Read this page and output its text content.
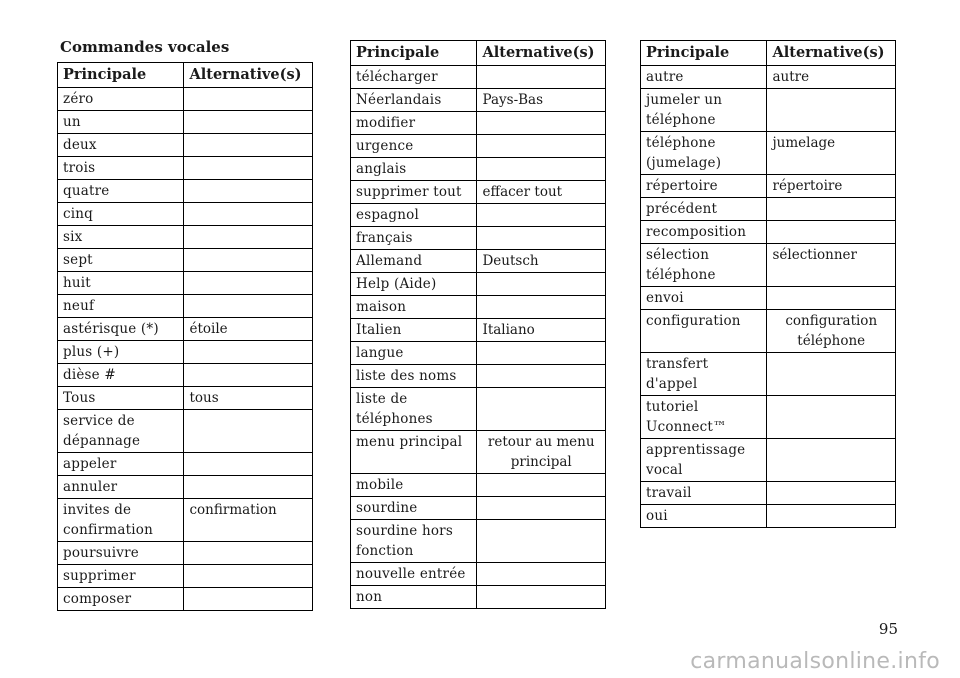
Commandes vocales
Principale	Alternative(s)
zéro	
un	
deux	
trois	
quatre	
cinq	
six	
sept	
huit	
neuf	
astérisque (*)	étoile
plus (+)	
dièse #	
Tous	tous
service de dépannage	
appeler	
annuler	
invites de confirmation	confirmation
poursuivre	
supprimer	
composer	
Principale	Alternative(s)
télécharger	
Néerlandais	Pays-Bas
modifier	
urgence	
anglais	
supprimer tout	effacer tout
espagnol	
français	
Allemand	Deutsch
Help (Aide)	
maison	
Italien	Italiano
langue	
liste des noms	
liste de téléphones	
menu principal	retour au menu principal
mobile	
sourdine	
sourdine hors fonction	
nouvelle entrée	
non	
Principale	Alternative(s)
autre	autre
jumeler un téléphone	
téléphone (jumelage)	jumelage
répertoire	répertoire
précédent	
recomposition	
sélection téléphone	sélectionner
envoi	
configuration	configuration téléphone
transfert d'appel	
tutoriel Uconnect™	
apprentissage vocal	
travail	
oui	
95
carmanualsonline.info
